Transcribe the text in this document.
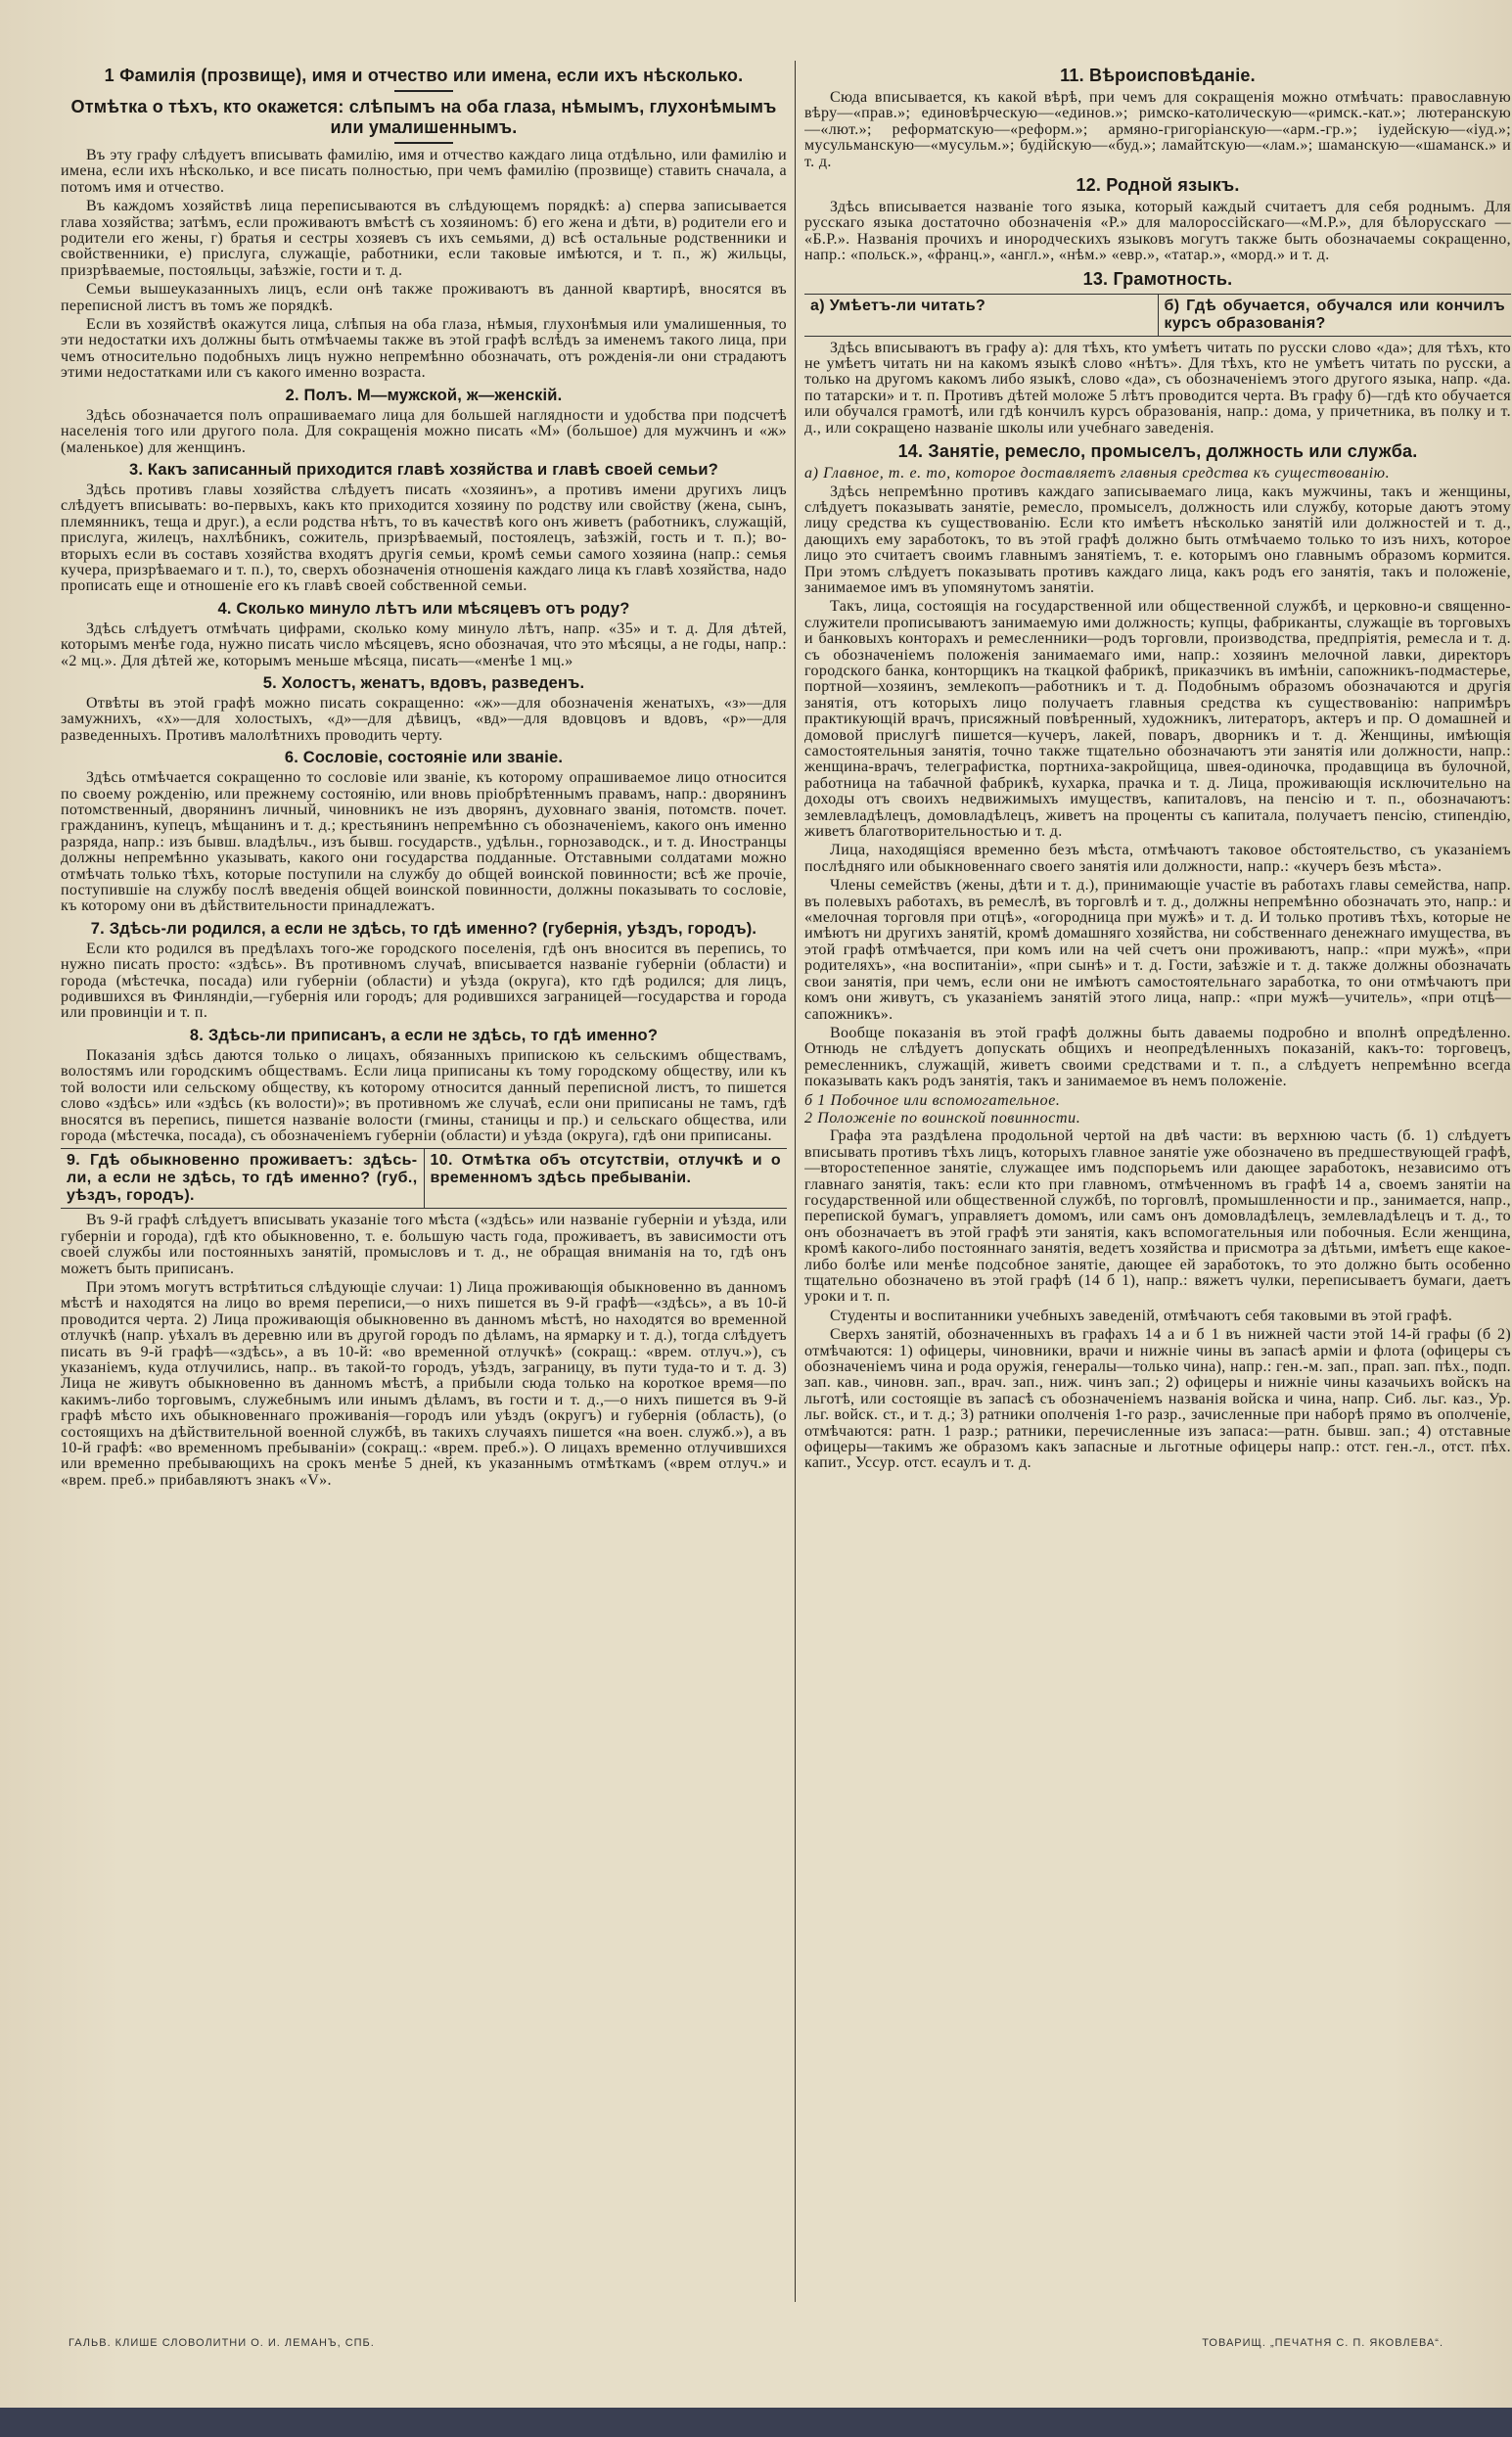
1 Фамилія (прозвище), имя и отчество или имена, если ихъ нѣсколько.
Отмѣтка о тѣхъ, кто окажется: слѣпымъ на оба глаза, нѣмымъ, глухонѣмымъ или умалишеннымъ.
Въ эту графу слѣдуетъ вписывать фамилію, имя и отчество каждаго лица отдѣльно, или фамилію и имена, если ихъ нѣсколько, и все писать полностью, при чемъ фамилію (прозвище) ставить сначала, а потомъ имя и отчество.
Въ каждомъ хозяйствѣ лица переписываются въ слѣдующемъ порядкѣ: а) сперва записывается глава хозяйства; затѣмъ, если проживаютъ вмѣстѣ съ хозяиномъ: б) его жена и дѣти, в) родители его и родители его жены, г) братья и сестры хозяевъ съ ихъ семьями, д) всѣ остальные родственники и свойственники, е) прислуга, служащіе, работники, если таковые имѣются, и т. п., ж) жильцы, призрѣваемые, постояльцы, заѣзжіе, гости и т. д.
Семьи вышеуказанныхъ лицъ, если онѣ также проживаютъ въ данной квартирѣ, вносятся въ переписной листъ въ томъ же порядкѣ.
Если въ хозяйствѣ окажутся лица, слѣпыя на оба глаза, нѣмыя, глухонѣмыя или умалишенныя, то эти недостатки ихъ должны быть отмѣчаемы также въ этой графѣ вслѣдъ за именемъ такого лица, при чемъ относительно подобныхъ лицъ нужно непремѣнно обозначать, отъ рожденія-ли они страдаютъ этими недостатками или съ какого именно возраста.
2. Полъ. М—мужской, ж—женскій.
Здѣсь обозначается полъ опрашиваемаго лица для большей наглядности и удобства при подсчетѣ населенія того или другого пола. Для сокращенія можно писать «М» (большое) для мужчинъ и «ж» (маленькое) для женщинъ.
3. Какъ записанный приходится главѣ хозяйства и главѣ своей семьи?
Здѣсь противъ главы хозяйства слѣдуетъ писать «хозяинъ», а противъ имени другихъ лицъ слѣдуетъ вписывать: во-первыхъ, какъ кто приходится хозяину по родству или свойству (жена, сынъ, племянникъ, теща и друг.), а если родства нѣтъ, то въ качествѣ кого онъ живетъ (работникъ, служащій, прислуга, жилецъ, нахлѣбникъ, сожитель, призрѣваемый, постоялецъ, заѣзжій, гость и т. п.); во-вторыхъ если въ составъ хозяйства входятъ другія семьи, кромѣ семьи самого хозяина (напр.: семья кучера, призрѣваемаго и т. п.), то, сверхъ обозначенія отношенія каждаго лица къ главѣ хозяйства, надо прописать еще и отношеніе его къ главѣ своей собственной семьи.
4. Сколько минуло лѣтъ или мѣсяцевъ отъ роду?
Здѣсь слѣдуетъ отмѣчать цифрами, сколько кому минуло лѣтъ, напр. «35» и т. д. Для дѣтей, которымъ менѣе года, нужно писать число мѣсяцевъ, ясно обозначая, что это мѣсяцы, а не годы, напр.: «2 мц.». Для дѣтей же, которымъ меньше мѣсяца, писать—«менѣе 1 мц.»
5. Холостъ, женатъ, вдовъ, разведенъ.
Отвѣты въ этой графѣ можно писать сокращенно: «ж»—для обозначенія женатыхъ, «з»—для замужнихъ, «х»—для холостыхъ, «д»—для дѣвицъ, «вд»—для вдовцовъ и вдовъ, «р»—для разведенныхъ. Противъ малолѣтнихъ проводить черту.
6. Сословіе, состояніе или званіе.
Здѣсь отмѣчается сокращенно то сословіе или званіе, къ которому опрашиваемое лицо относится по своему рожденію, или прежнему состоянію, или вновь пріобрѣтеннымъ правамъ, напр.: дворянинъ потомственный, дворянинъ личный, чиновникъ не изъ дворянъ, духовнаго званія, потомств. почет. гражданинъ, купецъ, мѣщанинъ и т. д.; крестьянинъ непремѣнно съ обозначеніемъ, какого онъ именно разряда, напр.: изъ бывш. владѣльч., изъ бывш. государств., удѣльн., горнозаводск., и т. д. Иностранцы должны непремѣнно указывать, какого они государства подданные. Отставными солдатами можно отмѣчать только тѣхъ, которые поступили на службу до общей воинской повинности; всѣ же прочіе, поступившіе на службу послѣ введенія общей воинской повинности, должны показывать то сословіе, къ которому они въ дѣйствительности принадлежатъ.
7. Здѣсь-ли родился, а если не здѣсь, то гдѣ именно? (губернія, уѣздъ, городъ).
Если кто родился въ предѣлахъ того-же городского поселенія, гдѣ онъ вносится въ перепись, то нужно писать просто: «здѣсь». Въ противномъ случаѣ, вписывается названіе губерніи (области) и города (мѣстечка, посада) или губерніи (области) и уѣзда (округа), кто гдѣ родился; для лицъ, родившихся въ Финляндіи,—губернія или городъ; для родившихся заграницей—государства и города или провинціи и т. п.
8. Здѣсь-ли приписанъ, а если не здѣсь, то гдѣ именно?
Показанія здѣсь даются только о лицахъ, обязанныхъ припискою къ сельскимъ обществамъ, волостямъ или городскимъ обществамъ. Если лица приписаны къ тому городскому обществу, или къ той волости или сельскому обществу, къ которому относится данный переписной листъ, то пишется слово «здѣсь» или «здѣсь (къ волости)»; въ противномъ же случаѣ, если они приписаны не тамъ, гдѣ вносятся въ перепись, пишется названіе волости (гмины, станицы и пр.) и сельскаго общества, или города (мѣстечка, посада), съ обозначеніемъ губерніи (области) и уѣзда (округа), гдѣ они приписаны.
9. Гдѣ обыкновенно проживаетъ: здѣсь-ли, а если не здѣсь, то гдѣ именно? (губ., уѣздъ, городъ).
10. Отмѣтка объ отсутствіи, отлучкѣ и о временномъ здѣсь пребываніи.
Въ 9-й графѣ слѣдуетъ вписывать указаніе того мѣста («здѣсь» или названіе губерніи и уѣзда, или губерніи и города), гдѣ кто обыкновенно, т. е. большую часть года, проживаетъ, въ зависимости отъ своей службы или постоянныхъ занятій, промысловъ и т. д., не обращая вниманія на то, гдѣ онъ можетъ быть приписанъ.
При этомъ могутъ встрѣтиться слѣдующіе случаи: 1) Лица проживающія обыкновенно въ данномъ мѣстѣ и находятся на лицо во время переписи,—о нихъ пишется въ 9-й графѣ—«здѣсь», а въ 10-й проводится черта. 2) Лица проживающія обыкновенно въ данномъ мѣстѣ, но находятся во временной отлучкѣ (напр. уѣхалъ въ деревню или въ другой городъ по дѣламъ, на ярмарку и т. д.), тогда слѣдуетъ писать въ 9-й графѣ—«здѣсь», а въ 10-й: «во временной отлучкѣ» (сокращ.: «врем. отлуч.»), съ указаніемъ, куда отлучились, напр.. въ такой-то городъ, уѣздъ, заграницу, въ пути туда-то и т. д. 3) Лица не живутъ обыкновенно въ данномъ мѣстѣ, а прибыли сюда только на короткое время—по какимъ-либо торговымъ, служебнымъ или инымъ дѣламъ, въ гости и т. д.,—о нихъ пишется въ 9-й графѣ мѣсто ихъ обыкновеннаго проживанія—городъ или уѣздъ (округъ) и губернія (область), (о состоящихъ на дѣйствительной военной службѣ, въ такихъ случаяхъ пишется «на воен. служб.»), а въ 10-й графѣ: «во временномъ пребываніи» (сокращ.: «врем. преб.»). О лицахъ временно отлучившихся или временно пребывающихъ на срокъ менѣе 5 дней, къ указаннымъ отмѣткамъ («врем отлуч.» и «врем. преб.» прибавляютъ знакъ «V».
11. Вѣроисповѣданіе.
Сюда вписывается, къ какой вѣрѣ, при чемъ для сокращенія можно отмѣчать: православную вѣру—«прав.»; единовѣрческую—«единов.»; римско-католическую—«римск.-кат.»; лютеранскую—«лют.»; реформатскую—«реформ.»; армяно-григоріанскую—«арм.-гр.»; іудейскую—«іуд.»; мусульманскую—«мусульм.»; будійскую—«буд.»; ламайтскую—«лам.»; шаманскую—«шаманск.» и т. д.
12. Родной языкъ.
Здѣсь вписывается названіе того языка, который каждый считаетъ для себя роднымъ. Для русскаго языка достаточно обозначенія «Р.» для малороссійскаго—«М.Р.», для бѣлорусскаго — «Б.Р.». Названія прочихъ и инородческихъ языковъ могутъ также быть обозначаемы сокращенно, напр.: «польск.», «франц.», «англ.», «нѣм.» «евр.», «татар.», «морд.» и т. д.
13. Грамотность.
а) Умѣетъ-ли читать?	б) Гдѣ обучается, обучался или кончилъ курсъ образованія?
Здѣсь вписываютъ въ графу а): для тѣхъ, кто умѣетъ читать по русски слово «да»; для тѣхъ, кто не умѣетъ читать ни на какомъ языкѣ слово «нѣтъ». Для тѣхъ, кто не умѣетъ читать по русски, а только на другомъ какомъ либо языкѣ, слово «да», съ обозначеніемъ этого другого языка, напр. «да. по татарски» и т. п. Противъ дѣтей моложе 5 лѣтъ проводится черта. Въ графу б)—гдѣ кто обучается или обучался грамотѣ, или гдѣ кончилъ курсъ образованія, напр.: дома, у причетника, въ полку и т. д., или сокращено названіе школы или учебнаго заведенія.
14. Занятіе, ремесло, промыселъ, должность или служба.
а) Главное, т. е. то, которое доставляетъ главныя средства къ существованію.
Здѣсь непремѣнно противъ каждаго записываемаго лица, какъ мужчины, такъ и женщины, слѣдуетъ показывать занятіе, ремесло, промыселъ, должность или службу, которые даютъ этому лицу средства къ существованію. Если кто имѣетъ нѣсколько занятій или должностей и т. д., дающихъ ему заработокъ, то въ этой графѣ должно быть отмѣчаемо только то изъ нихъ, которое лицо это считаетъ своимъ главнымъ занятіемъ, т. е. которымъ оно главнымъ образомъ кормится. При этомъ слѣдуетъ показывать противъ каждаго лица, какъ родъ его занятія, такъ и положеніе, занимаемое имъ въ упомянутомъ занятіи.
Такъ, лица, состоящія на государственной или общественной службѣ, и церковно-и священно-служители прописываютъ занимаемую ими должность; купцы, фабриканты, служащіе въ торговыхъ и банковыхъ конторахъ и ремесленники—родъ торговли, производства, предпріятія, ремесла и т. д. съ обозначеніемъ положенія занимаемаго ими, напр.: хозяинъ мелочной лавки, директоръ городского банка, конторщикъ на ткацкой фабрикѣ, приказчикъ въ имѣніи, сапожникъ-подмастерье, портной—хозяинъ, землекопъ—работникъ и т. д. Подобнымъ образомъ обозначаются и другія занятія, отъ которыхъ лицо получаетъ главныя средства къ существованію: напримѣръ практикующій врачъ, присяжный повѣренный, художникъ, литераторъ, актеръ и пр. О домашней и домовой прислугѣ пишется—кучеръ, лакей, поваръ, дворникъ и т. д. Женщины, имѣющія самостоятельныя занятія, точно также тщательно обозначаютъ эти занятія или должности, напр.: женщина-врачъ, телеграфистка, портниха-закройщица, швея-одиночка, продавщица въ булочной, работница на табачной фабрикѣ, кухарка, прачка и т. д. Лица, проживающія исключительно на доходы отъ своихъ недвижимыхъ имуществъ, капиталовъ, на пенсію и т. п., обозначаютъ: землевладѣлецъ, домовладѣлецъ, живетъ на проценты съ капитала, получаетъ пенсію, стипендію, живетъ благотворительностью и т. д.
Лица, находящіяся временно безъ мѣста, отмѣчаютъ таковое обстоятельство, съ указаніемъ послѣдняго или обыкновеннаго своего занятія или должности, напр.: «кучеръ безъ мѣста».
Члены семействъ (жены, дѣти и т. д.), принимающіе участіе въ работахъ главы семейства, напр. въ полевыхъ работахъ, въ ремеслѣ, въ торговлѣ и т. д., должны непремѣнно обозначать это, напр.: и «мелочная торговля при отцѣ», «огородница при мужѣ» и т. д. И только противъ тѣхъ, которые не имѣютъ ни другихъ занятій, кромѣ домашняго хозяйства, ни собственнаго денежнаго имущества, въ этой графѣ отмѣчается, при комъ или на чей счетъ они проживаютъ, напр.: «при мужѣ», «при родителяхъ», «на воспитаніи», «при сынѣ» и т. д. Гости, заѣзжіе и т. д. также должны обозначать свои занятія, при чемъ, если они не имѣютъ самостоятельнаго заработка, то они отмѣчаютъ при комъ они живутъ, съ указаніемъ занятій этого лица, напр.: «при мужѣ—учитель», «при отцѣ—сапожникъ».
Вообще показанія въ этой графѣ должны быть даваемы подробно и вполнѣ опредѣленно. Отнюдь не слѣдуетъ допускать общихъ и неопредѣленныхъ показаній, какъ-то: торговецъ, ремесленникъ, служащій, живетъ своими средствами и т. п., а слѣдуетъ непремѣнно всегда показывать какъ родъ занятія, такъ и занимаемое въ немъ положеніе.
б 1 Побочное или вспомогательное.
2 Положеніе по воинской повинности.
Графа эта раздѣлена продольной чертой на двѣ части: въ верхнюю часть (б. 1) слѣдуетъ вписывать противъ тѣхъ лицъ, которыхъ главное занятіе уже обозначено въ предшествующей графѣ,—второстепенное занятіе, служащее имъ подспорьемъ или дающее заработокъ, независимо отъ главнаго занятія, такъ: если кто при главномъ, отмѣченномъ въ графѣ 14 а, своемъ занятіи на государственной или общественной службѣ, по торговлѣ, промышленности и пр., занимается, напр., перепиской бумагъ, управляетъ домомъ, или самъ онъ домовладѣлецъ, землевладѣлецъ и т. д., то онъ обозначаетъ въ этой графѣ эти занятія, какъ вспомогательныя или побочныя. Если женщина, кромѣ какого-либо постояннаго занятія, ведетъ хозяйства и присмотра за дѣтьми, имѣетъ еще какое-либо болѣе или менѣе подсобное занятіе, дающее ей заработокъ, то это должно быть особенно тщательно обозначено въ этой графѣ (14 б 1), напр.: вяжетъ чулки, переписываетъ бумаги, даетъ уроки и т. п.
Студенты и воспитанники учебныхъ заведеній, отмѣчаютъ себя таковыми въ этой графѣ.
Сверхъ занятій, обозначенныхъ въ графахъ 14 а и б 1 въ нижней части этой 14-й графы (б 2) отмѣчаются: 1) офицеры, чиновники, врачи и нижніе чины въ запасѣ арміи и флота (офицеры съ обозначеніемъ чина и рода оружія, генералы—только чина), напр.: ген.-м. зап., прап. зап. пѣх., подп. зап. кав., чиновн. зап., врач. зап., ниж. чинъ зап.; 2) офицеры и нижніе чины казачьихъ войскъ на льготѣ, или состоящіе въ запасѣ съ обозначеніемъ названія войска и чина, напр. Сиб. льг. каз., Ур. льг. войск. ст., и т. д.; 3) ратники ополченія 1-го разр., зачисленные при наборѣ прямо въ ополченіе, отмѣчаются: ратн. 1 разр.; ратники, перечисленные изъ запаса:—ратн. бывш. зап.; 4) отставные офицеры—такимъ же образомъ какъ запасные и льготные офицеры напр.: отст. ген.-л., отст. пѣх. капит., Уссур. отст. есаулъ и т. д.
ГАЛЬВ. КЛИШЕ СЛОВОЛИТНИ О. И. ЛЕМАНЪ, СПБ.	ТОВАРИЩ. „ПЕЧАТНЯ С. П. ЯКОВЛЕВА“.
